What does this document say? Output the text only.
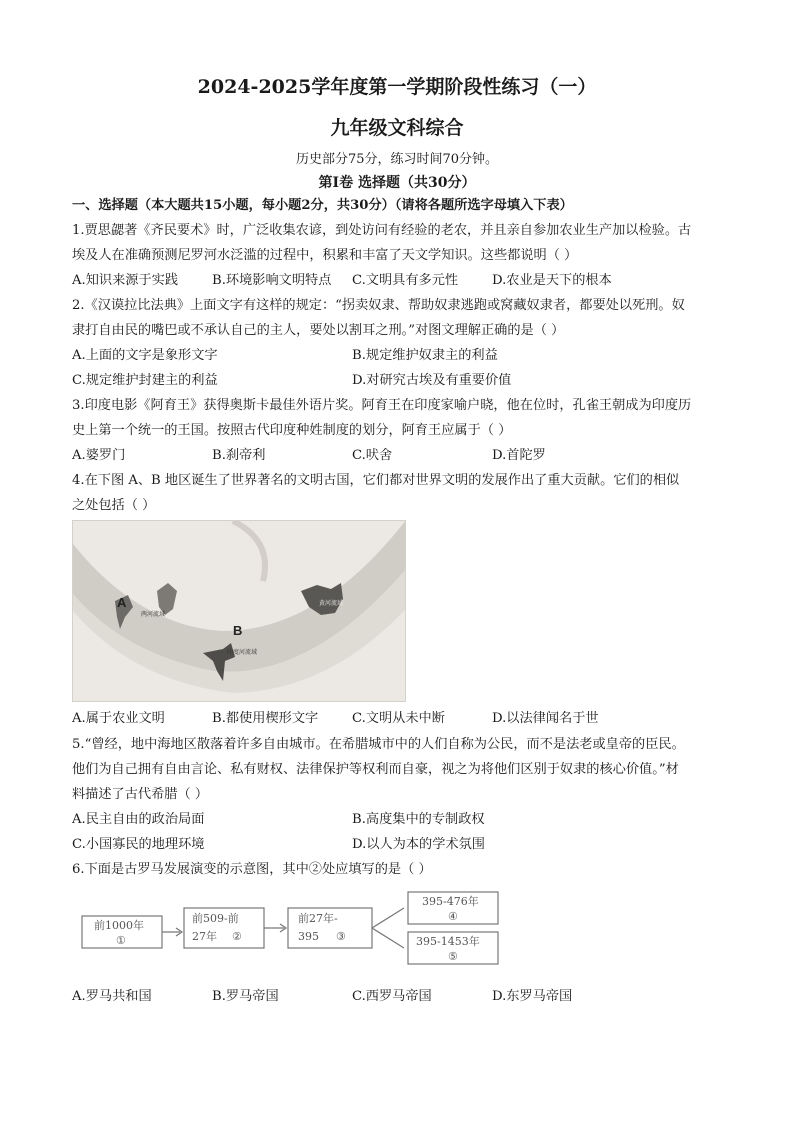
2024-2025学年度第一学期阶段性练习（一）
九年级文科综合
历史部分75分，练习时间70分钟。
第Ⅰ卷 选择题（共30分）
一、选择题（本大题共15小题，每小题2分，共30分）（请将各题所选字母填入下表）
1.贾思勰著《齐民要术》时，广泛收集农谚，到处访问有经验的老农，并且亲自参加农业生产加以检验。古
埃及人在准确预测尼罗河水泛滥的过程中，积累和丰富了天文学知识。这些都说明（ ）
A.知识来源于实践	B.环境影响文明特点 C.文明具有多元性	D.农业是天下的根本
2.《汉谟拉比法典》上面文字有这样的规定：“拐卖奴隶、帮助奴隶逃跑或窝藏奴隶者，都要处以死刑。奴
隶打自由民的嘴巴或不承认自己的主人，要处以割耳之刑。”对图文理解正确的是（ ）
A.上面的文字是象形文字	B.规定维护奴隶主的利益
C.规定维护封建主的利益	D.对研究古埃及有重要价值
3.印度电影《阿育王》获得奥斯卡最佳外语片奖。阿育王在印度家喻户晓，他在位时，孔雀王朝成为印度历
史上第一个统一的王国。按照古代印度种姓制度的划分，阿育王应属于（ ）
A.婆罗门	B.刹帝利	C.吠舍	D.首陀罗
4.在下图 A、B 地区诞生了世界著名的文明古国，它们都对世界文明的发展作出了重大贡献。它们的相似
之处包括（ ）
A
两河流域
B
印度河流域
黄河流域
A.属于农业文明	B.都使用楔形文字	C.文明从未中断	D.以法律闻名于世
5.“曾经，地中海地区散落着许多自由城市。在希腊城市中的人们自称为公民，而不是法老或皇帝的臣民。
他们为自己拥有自由言论、私有财权、法律保护等权利而自豪，视之为将他们区别于奴隶的核心价值。”材
料描述了古代希腊（ ）
A.民主自由的政治局面	B.高度集中的专制政权
C.小国寡民的地理环境	D.以人为本的学术氛围
6.下面是古罗马发展演变的示意图，其中②处应填写的是（ ）
前1000年
①
前509-前
27年 ②
前27年-
395 ③
395-476年
④
395-1453年
⑤
A.罗马共和国	B.罗马帝国	C.西罗马帝国	D.东罗马帝国
